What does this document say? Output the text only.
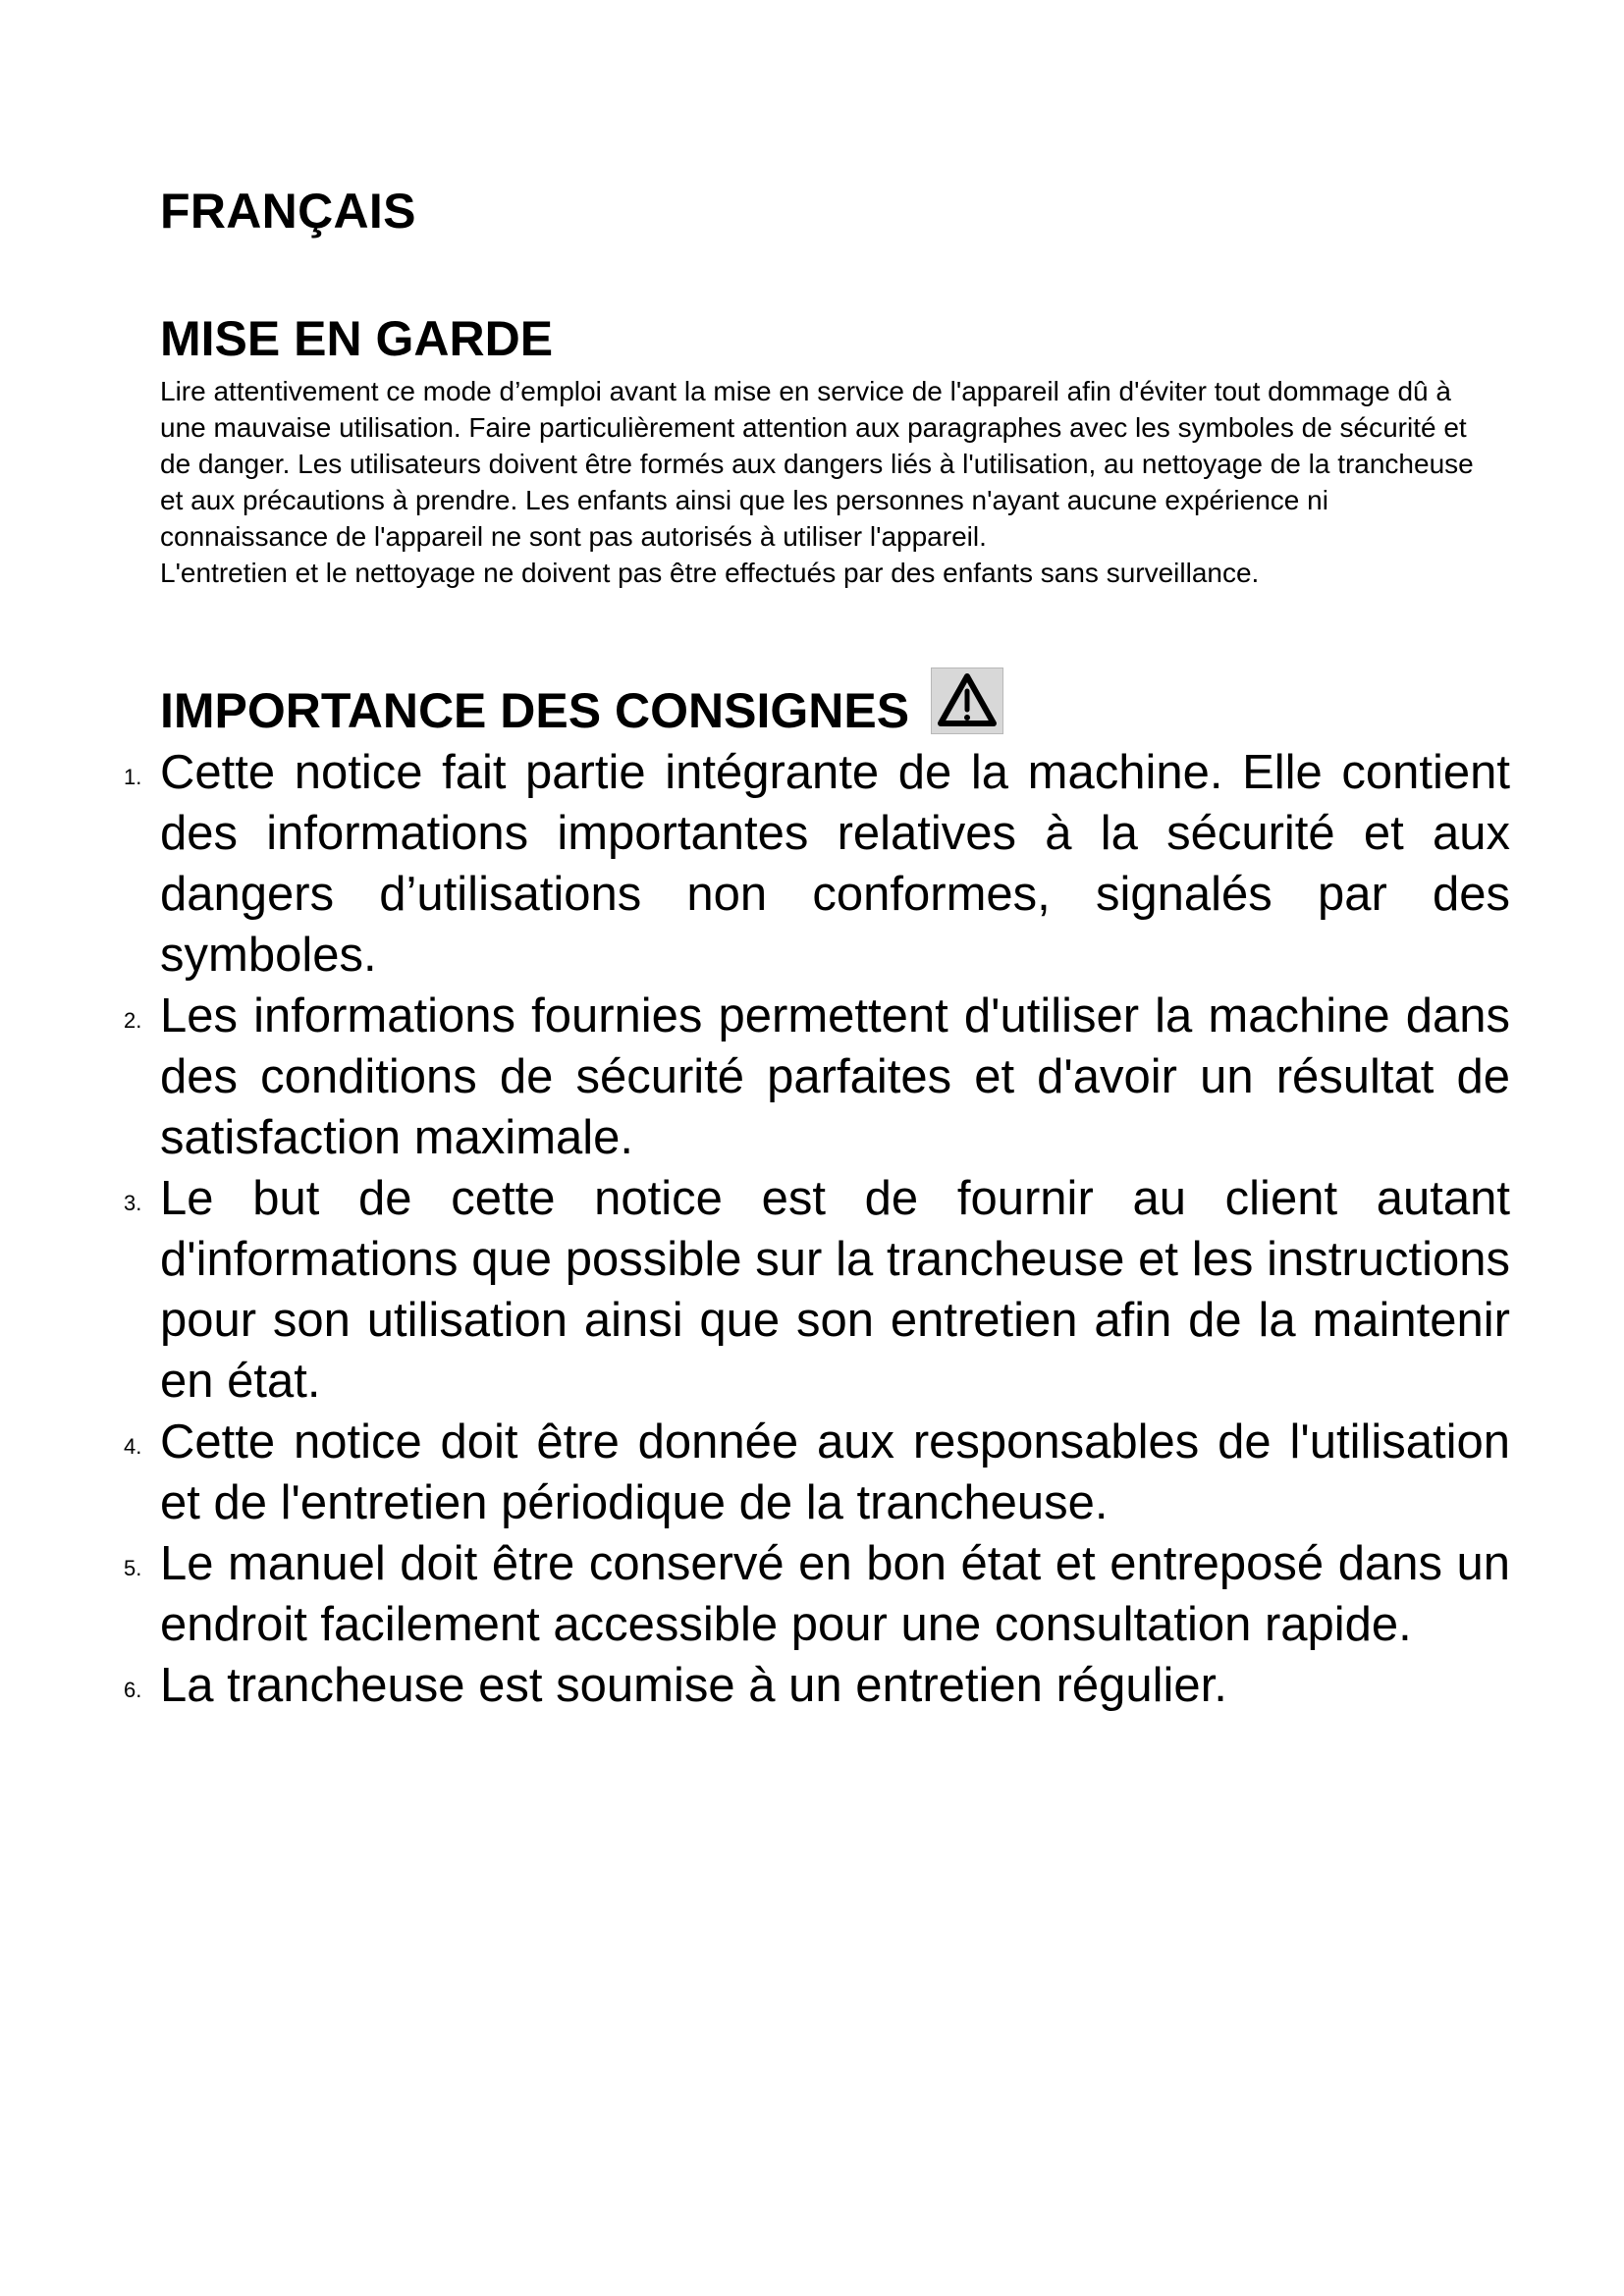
FRANÇAIS
MISE EN GARDE

Lire attentivement ce mode d’emploi avant la mise en service de l'appareil afin d'éviter tout dommage dû à une mauvaise utilisation. Faire particulièrement attention aux paragraphes avec les symboles de sécurité et de danger. Les utilisateurs doivent être formés aux dangers liés à l'utilisation, au nettoyage de la trancheuse et aux précautions à prendre. Les enfants ainsi que les personnes n'ayant aucune expérience ni connaissance de l'appareil ne sont pas autorisés à utiliser l'appareil.

L'entretien et le nettoyage ne doivent pas être effectués par des enfants sans surveillance.

IMPORTANCE DES CONSIGNES
1. Cette notice fait partie intégrante de la machine. Elle contient des informations importantes relatives à la sécurité et aux dangers d’utilisations non conformes, signalés par des symboles.
2. Les informations fournies permettent d'utiliser la machine dans des conditions de sécurité parfaites et d'avoir un résultat de satisfaction maximale.
3. Le but de cette notice est de fournir au client autant d'informations que possible sur la trancheuse et les instructions pour son utilisation ainsi que son entretien afin de la maintenir en état.
4. Cette notice doit être donnée aux responsables de l'utilisation et de l'entretien périodique de la trancheuse.
5. Le manuel doit être conservé en bon état et entreposé dans un endroit facilement accessible pour une consultation rapide.
6. La trancheuse est soumise à un entretien régulier.
